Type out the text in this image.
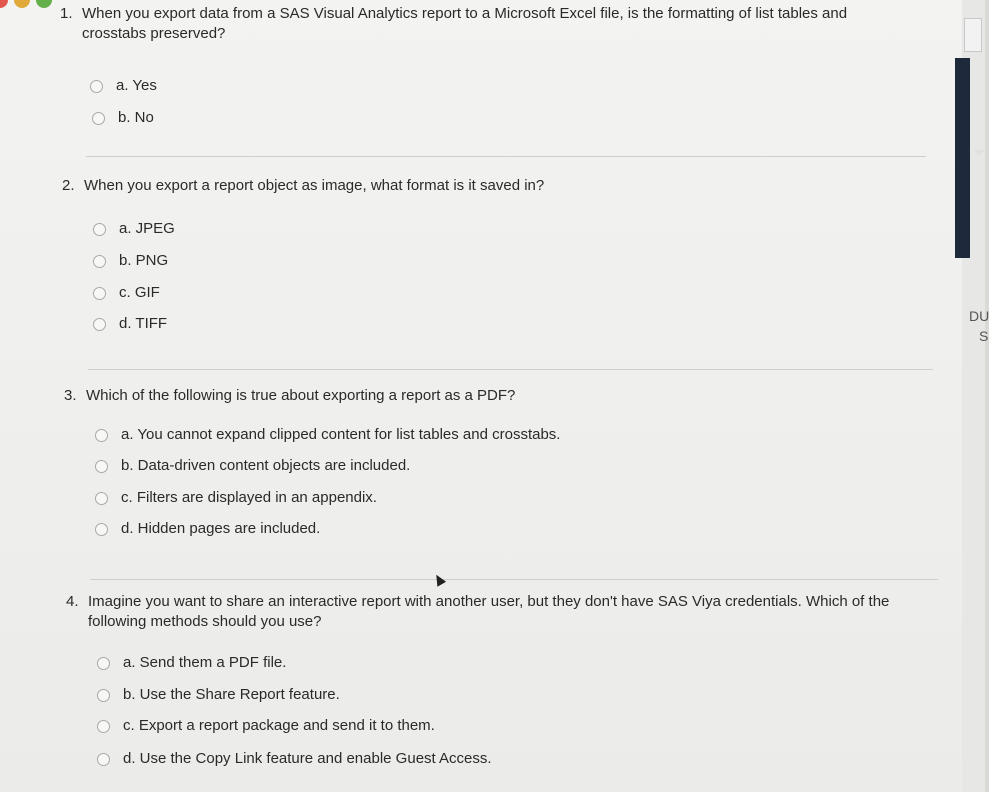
1. When you export data from a SAS Visual Analytics report to a Microsoft Excel file, is the formatting of list tables and crosstabs preserved?
a. Yes
b. No
2. When you export a report object as image, what format is it saved in?
a. JPEG
b. PNG
c. GIF
d. TIFF
3. Which of the following is true about exporting a report as a PDF?
a. You cannot expand clipped content for list tables and crosstabs.
b. Data-driven content objects are included.
c. Filters are displayed in an appendix.
d. Hidden pages are included.
4. Imagine you want to share an interactive report with another user, but they don't have SAS Viya credentials. Which of the following methods should you use?
a. Send them a PDF file.
b. Use the Share Report feature.
c. Export a report package and send it to them.
d. Use the Copy Link feature and enable Guest Access.
DU
S
